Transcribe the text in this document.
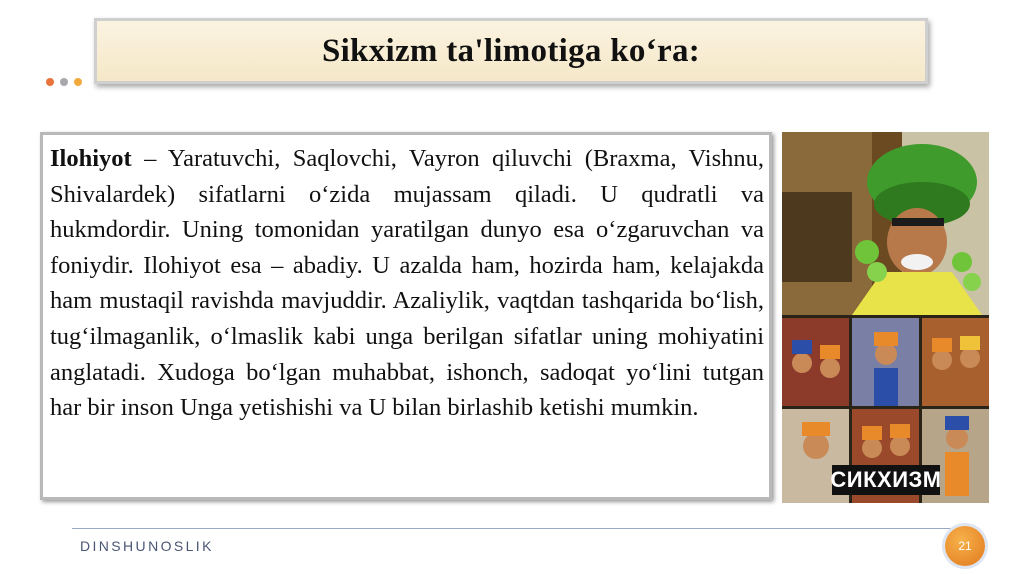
Sikxizm ta'limotiga ko‘ra:

Ilohiyot – Yaratuvchi, Saqlovchi, Vayron qiluvchi (Braxma, Vishnu, Shivalardek) sifatlarni o‘zida mujassam qiladi. U qudratli va hukmdordir. Uning tomonidan yaratilgan dunyo esa o‘zgaruvchan va foniydir. Ilohiyot esa – abadiy. U azalda ham, hozirda ham, kelajakda ham mustaqil ravishda mavjuddir. Azaliylik, vaqtdan tashqarida bo‘lish, tug‘ilmaganlik, o‘lmaslik kabi unga berilgan sifatlar uning mohiyatini anglatadi. Xudoga bo‘lgan muhabbat, ishonch, sadoqat yo‘lini tutgan har bir inson Unga yetishishi va U bilan birlashib ketishi mumkin.

СИКХИЗМ
DINSHUNOSLIK	21
